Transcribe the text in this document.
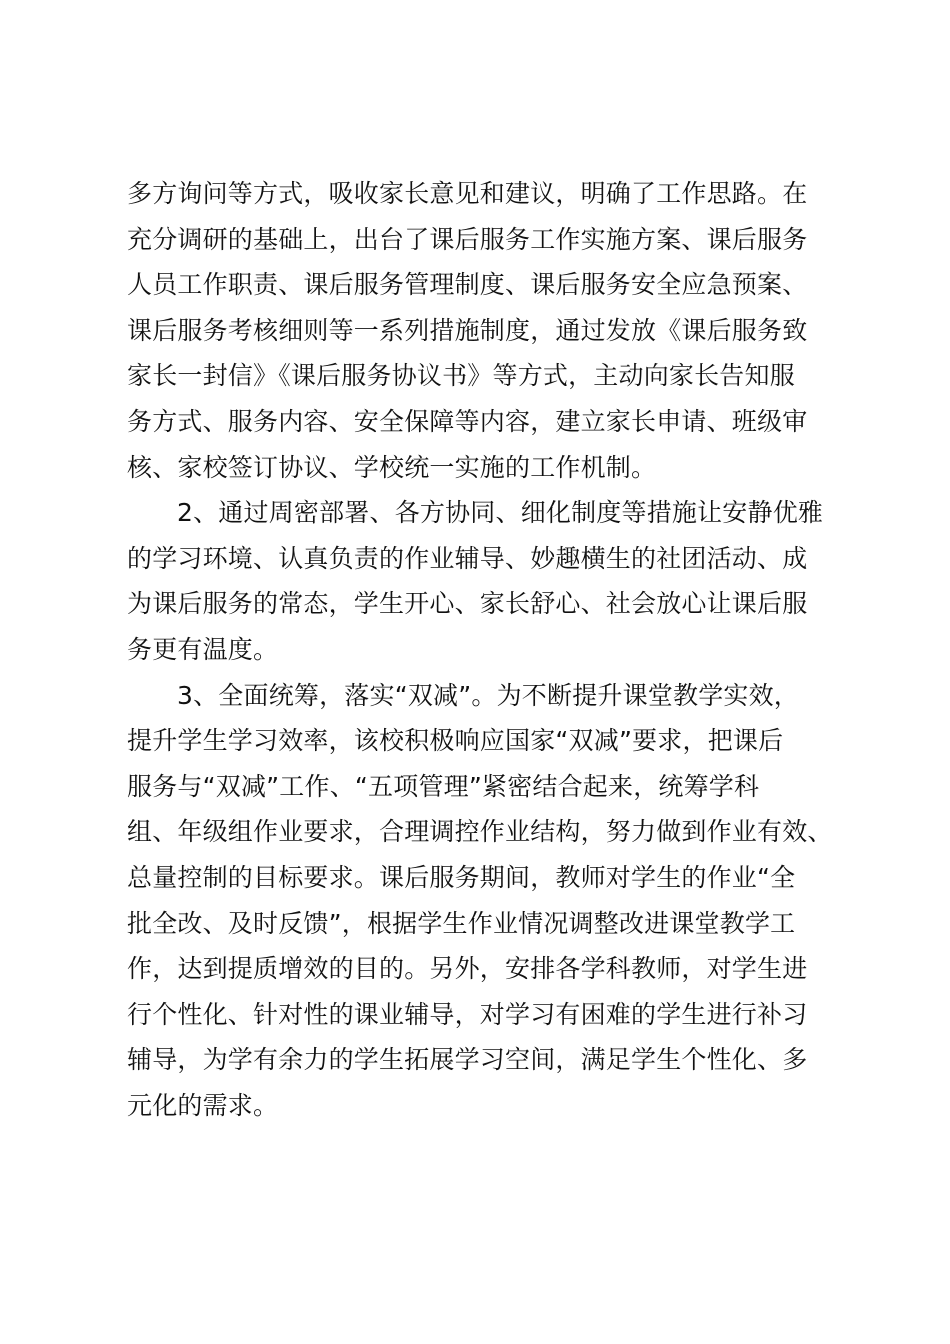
多方询问等方式，吸收家长意见和建议，明确了工作思路。在
充分调研的基础上，出台了课后服务工作实施方案、课后服务
人员工作职责、课后服务管理制度、课后服务安全应急预案、
课后服务考核细则等一系列措施制度，通过发放《课后服务致
家长一封信》《课后服务协议书》等方式，主动向家长告知服
务方式、服务内容、安全保障等内容，建立家长申请、班级审
核、家校签订协议、学校统一实施的工作机制。

2、通过周密部署、各方协同、细化制度等措施让安静优雅
的学习环境、认真负责的作业辅导、妙趣横生的社团活动、成
为课后服务的常态，学生开心、家长舒心、社会放心让课后服
务更有温度。

3、全面统筹，落实“双减”。为不断提升课堂教学实效，
提升学生学习效率，该校积极响应国家“双减”要求，把课后
服务与“双减”工作、“五项管理”紧密结合起来，统筹学科
组、年级组作业要求，合理调控作业结构，努力做到作业有效、
总量控制的目标要求。课后服务期间，教师对学生的作业“全
批全改、及时反馈”，根据学生作业情况调整改进课堂教学工
作，达到提质增效的目的。另外，安排各学科教师，对学生进
行个性化、针对性的课业辅导，对学习有困难的学生进行补习
辅导，为学有余力的学生拓展学习空间，满足学生个性化、多
元化的需求。
